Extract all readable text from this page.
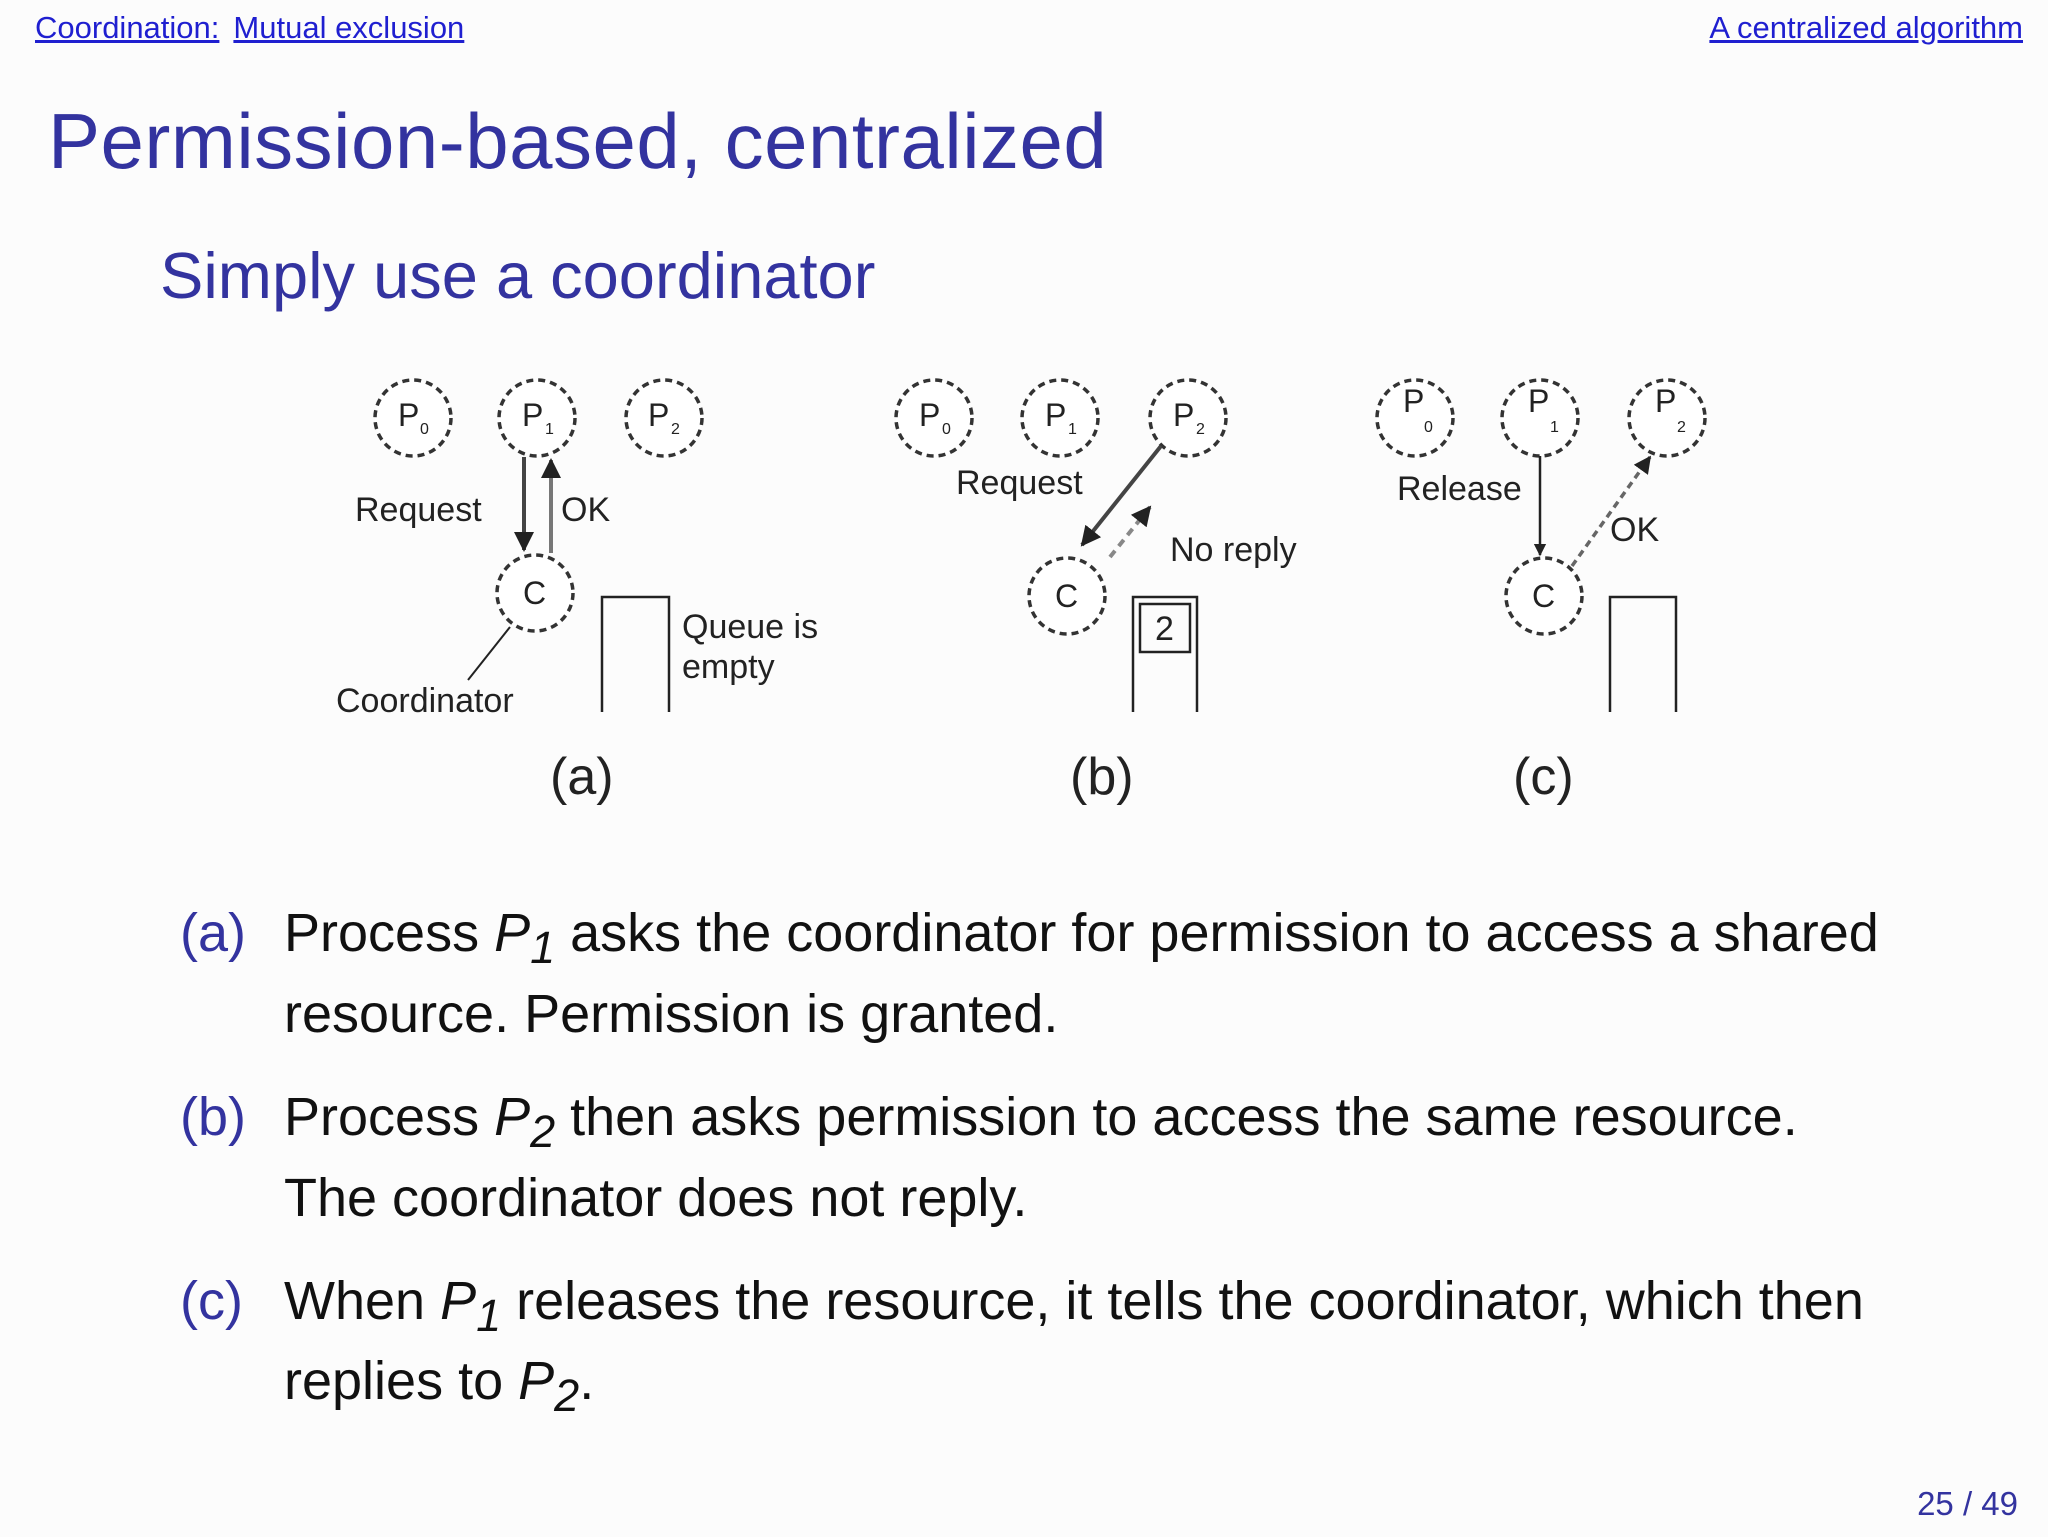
Coordination: Mutual exclusion	A centralized algorithm
Permission-based, centralized
Simply use a coordinator
P 0	P 1	P 2
C
P 0	P 1	P 2
C
P
0
P
1
P
2
C
Request OK
Queue is
empty
Coordinator
Request
No reply
2
Release
OK
(a)	(b)	(c)
(a) Process $P_1$ asks the coordinator for permission to access a shared resource. Permission is granted.
(b) Process $P_2$ then asks permission to access the same resource. The coordinator does not reply.
(c) When $P_1$ releases the resource, it tells the coordinator, which then replies to $P_2$.
25 / 49
